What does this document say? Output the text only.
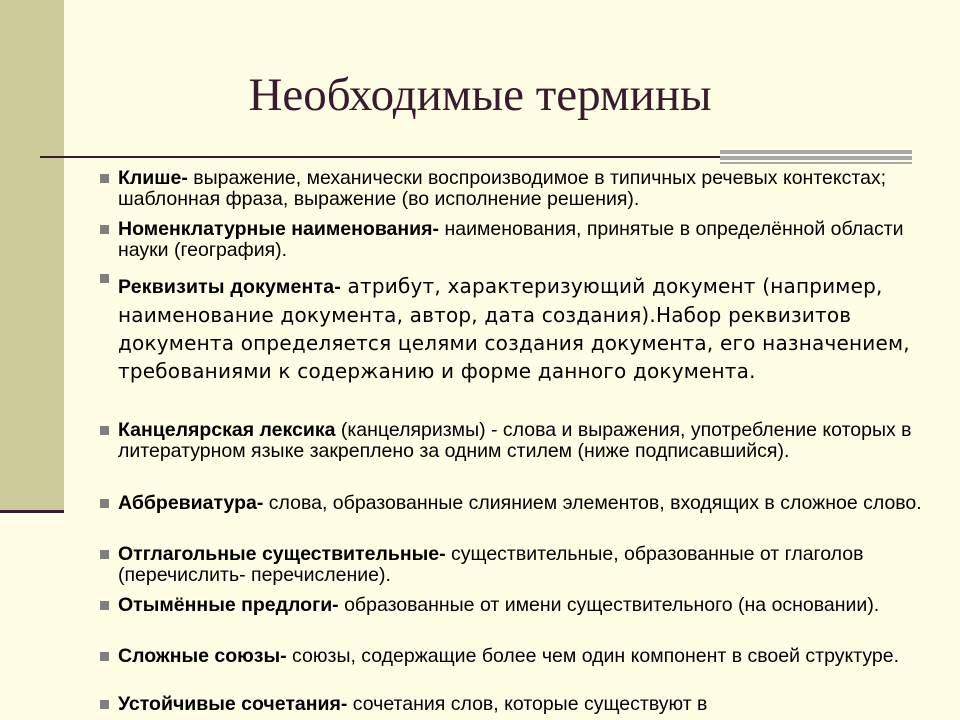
Необходимые термины
Клише- выражение, механически воспроизводимое в типичных речевых контекстах; шаблонная фраза, выражение (во исполнение решения).
Номенклатурные наименования- наименования, принятые в определённой области науки (география).
Реквизиты документа- атрибут, характеризующий документ (например, наименование документа, автор, дата создания).Набор реквизитов документа определяется целями создания документа, его назначением, требованиями к содержанию и форме данного документа.
Канцелярская лексика (канцеляризмы) - слова и выражения, употребление которых в литературном языке закреплено за одним стилем (ниже подписавшийся).
Аббревиатура- слова, образованные слиянием элементов, входящих в сложное слово.
Отглагольные существительные- существительные, образованные от глаголов (перечислить- перечисление).
Отымённые предлоги- образованные от имени существительного (на основании).
Сложные союзы- союзы, содержащие более чем один компонент в своей структуре.
Устойчивые сочетания- сочетания слов, которые существуют в
